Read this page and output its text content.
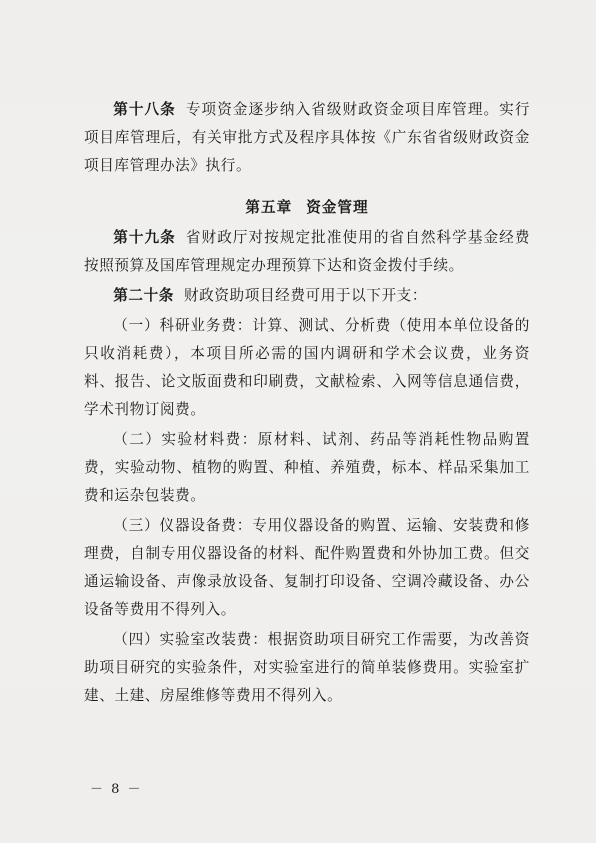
第十八条 专项资金逐步纳入省级财政资金项目库管理。实行项目库管理后，有关审批方式及程序具体按《广东省省级财政资金项目库管理办法》执行。

第五章 资金管理

第十九条 省财政厅对按规定批准使用的省自然科学基金经费按照预算及国库管理规定办理预算下达和资金拨付手续。

第二十条 财政资助项目经费可用于以下开支：

（一）科研业务费：计算、测试、分析费（使用本单位设备的只收消耗费），本项目所必需的国内调研和学术会议费，业务资料、报告、论文版面费和印刷费，文献检索、入网等信息通信费，学术刊物订阅费。

（二）实验材料费：原材料、试剂、药品等消耗性物品购置费，实验动物、植物的购置、种植、养殖费，标本、样品采集加工费和运杂包装费。

（三）仪器设备费：专用仪器设备的购置、运输、安装费和修理费，自制专用仪器设备的材料、配件购置费和外协加工费。但交通运输设备、声像录放设备、复制打印设备、空调冷藏设备、办公设备等费用不得列入。

（四）实验室改装费：根据资助项目研究工作需要，为改善资助项目研究的实验条件，对实验室进行的简单装修费用。实验室扩建、土建、房屋维修等费用不得列入。

－ 8 －
